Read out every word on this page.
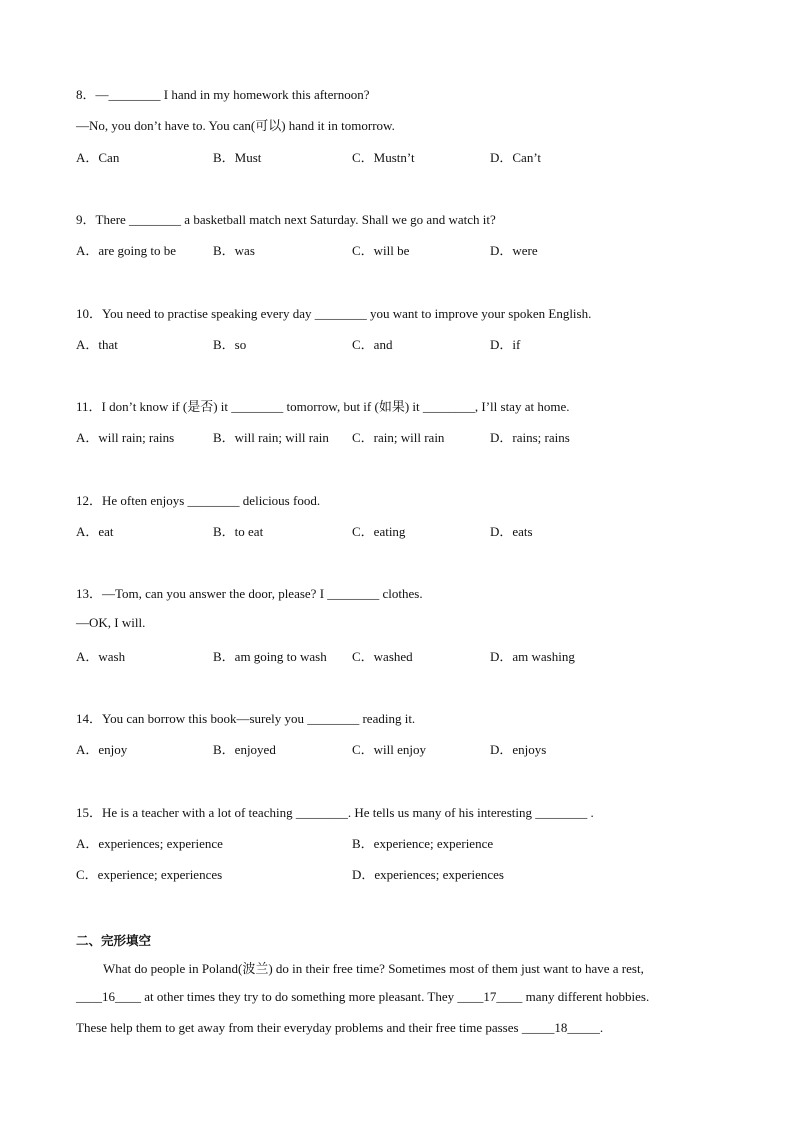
8．—________ I hand in my homework this afternoon?
—No, you don’t have to. You can(可以) hand it in tomorrow.
A．Can	B．Must	C．Mustn’t	D．Can’t
9．There ________ a basketball match next Saturday. Shall we go and watch it?
A．are going to be	B．was	C．will be	D．were
10．You need to practise speaking every day ________ you want to improve your spoken English.
A．that	B．so	C．and	D．if
11．I don’t know if (是否) it ________ tomorrow, but if (如果) it ________, I’ll stay at home.
A．will rain; rains	B．will rain; will rain C．rain; will rain	D．rains; rains
12．He often enjoys ________ delicious food.
A．eat	B．to eat	C．eating	D．eats
13．—Tom, can you answer the door, please? I ________ clothes.
—OK, I will.
A．wash	B．am going to wash C．washed	D．am washing
14．You can borrow this book—surely you ________ reading it.
A．enjoy	B．enjoyed	C．will enjoy	D．enjoys
15．He is a teacher with a lot of teaching ________. He tells us many of his interesting ________ .
A．experiences; experience	B．experience; experience
C．experience; experiences	D．experiences; experiences
二、完形填空
What do people in Poland(波兰) do in their free time? Sometimes most of them just want to have a rest,
____16____ at other times they try to do something more pleasant. They ____17____ many different hobbies.
These help them to get away from their everyday problems and their free time passes _____18_____.
